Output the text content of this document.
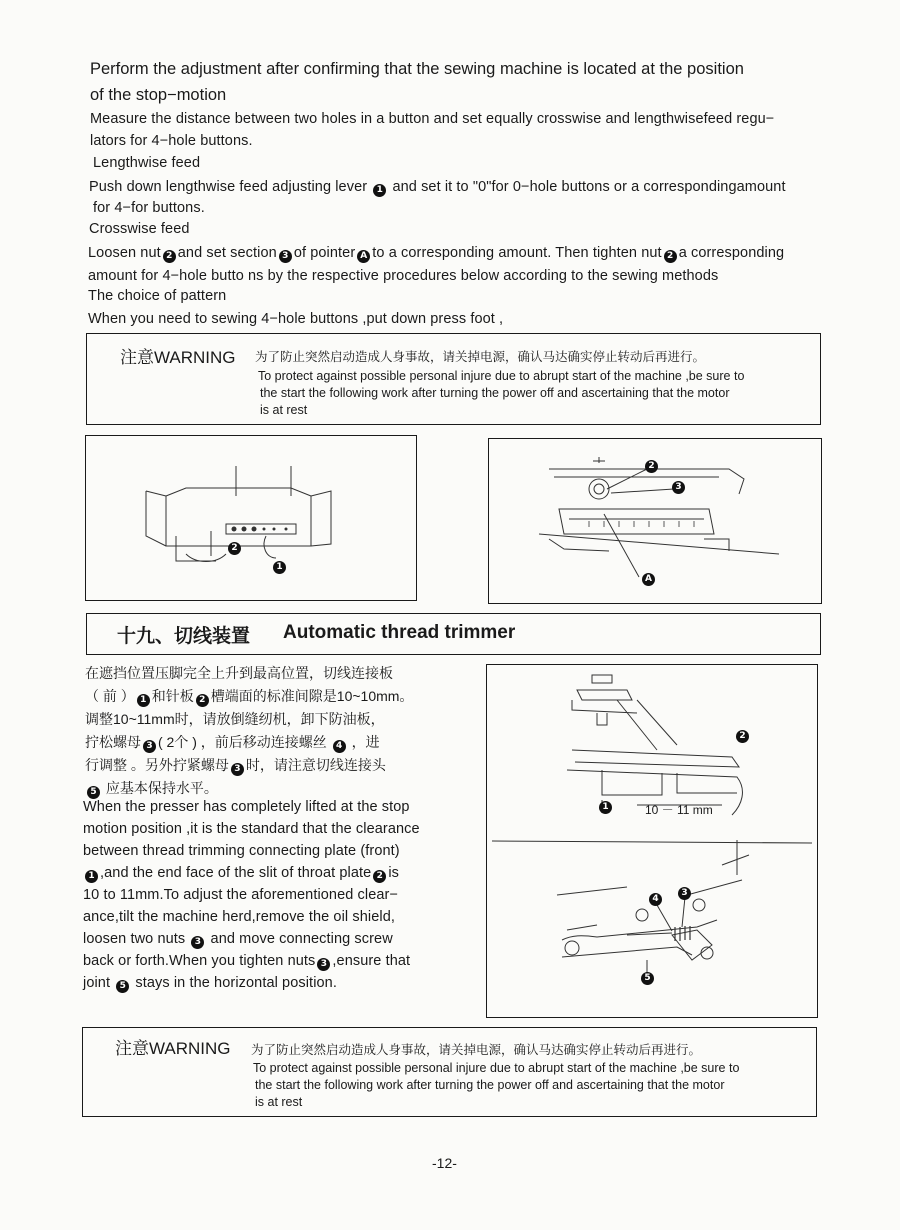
Perform the adjustment after confirming that the sewing machine is located at the position
of the stop−motion
Measure the distance between two holes in a button and set equally crosswise and lengthwisefeed regu−
lators for 4−hole buttons.
Lengthwise feed
Push down lengthwise feed adjusting lever 1 and set it to "0"for 0−hole buttons or a correspondingamount
for 4−for buttons.
Crosswise feed
Loosen nut 2 and set section 3 of pointer A to a corresponding amount. Then tighten nut 2 a corresponding
amount for 4−hole butto ns by the respective procedures below according to the sewing methods
The choice of pattern
When you need to sewing 4−hole buttons ,put down press foot ,
注意WARNING 为了防止突然启动造成人身事故，请关掉电源，确认马达确实停止转动后再进行。
To protect against possible personal injure due to abrupt start of the machine ,be sure to
the start the following work after turning the power off and ascertaining that the motor
is at rest
2
1
2
3
A
十九、切线装置 Automatic thread trimmer
在遮挡位置压脚完全上升到最高位置，切线连接板
（ 前 ） 1 和针板 2 槽端面的标准间隙是10~10mm。
调整10~11mm时，请放倒缝纫机，卸下防油板，
拧松螺母 3 ( 2个 ) ，前后移动连接螺丝 4 ，进
行调整 。另外拧紧螺母 3 时，请注意切线连接头
5 应基本保持水平。
When the presser has completely lifted at the stop
motion position ,it is the standard that the clearance
between thread trimming connecting plate (front)
1 ,and the end face of the slit of throat plate 2 is
10 to 11mm.To adjust the aforementioned clear−
ance,tilt the machine herd,remove the oil shield,
loosen two nuts 3 and move connecting screw
back or forth.When you tighten nuts 3 ,ensure that
joint 5 stays in the horizontal position.
2
1	10 － 11 mm
4
3
5
注意WARNING 为了防止突然启动造成人身事故，请关掉电源，确认马达确实停止转动后再进行。
To protect against possible personal injure due to abrupt start of the machine ,be sure to
the start the following work after turning the power off and ascertaining that the motor
is at rest
-12-
